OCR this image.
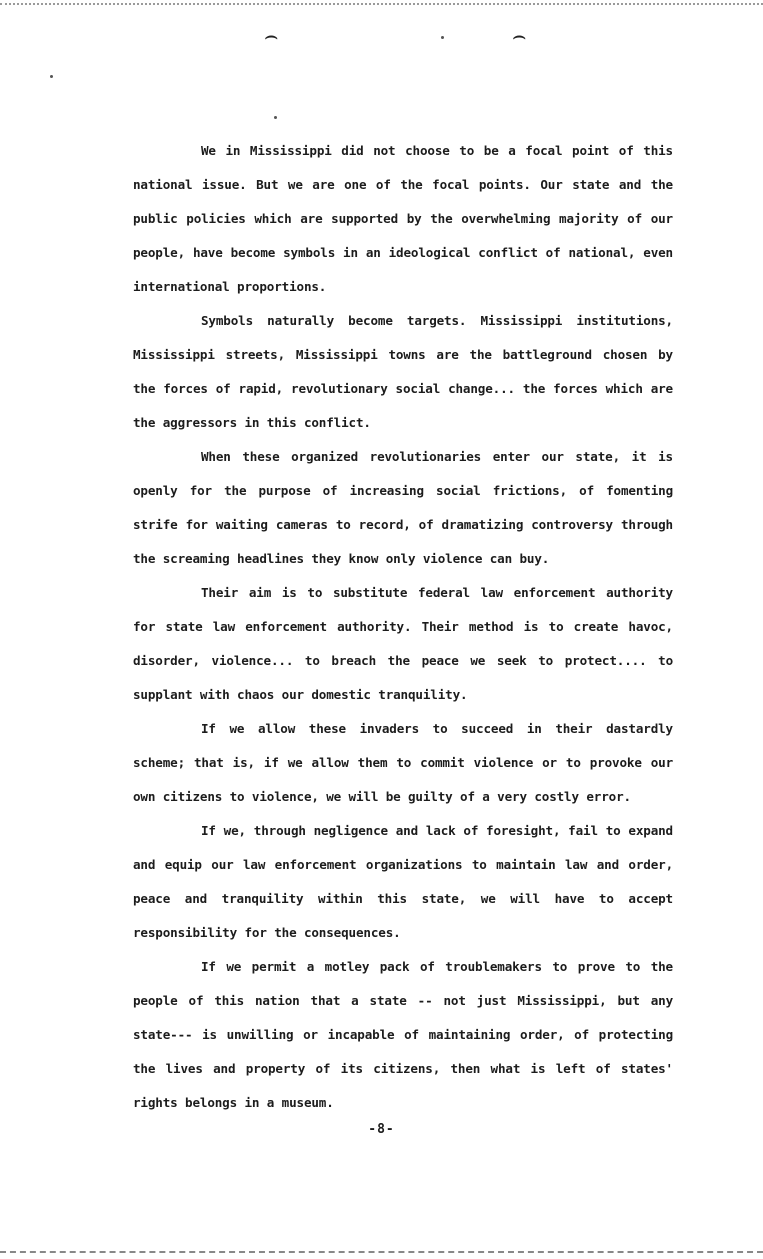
⌢	⌢

We in Mississippi did not choose to be a focal point of this national issue. But we are one of the focal points. Our state and the public policies which are supported by the overwhelming majority of our people, have become symbols in an ideological conflict of national, even international proportions.

Symbols naturally become targets. Mississippi institutions, Mississippi streets, Mississippi towns are the battleground chosen by the forces of rapid, revolutionary social change... the forces which are the aggressors in this conflict.

When these organized revolutionaries enter our state, it is openly for the purpose of increasing social frictions, of fomenting strife for waiting cameras to record, of dramatizing controversy through the screaming headlines they know only violence can buy.

Their aim is to substitute federal law enforcement authority for state law enforcement authority. Their method is to create havoc, disorder, violence... to breach the peace we seek to protect.... to supplant with chaos our domestic tranquility.

If we allow these invaders to succeed in their dastardly scheme; that is, if we allow them to commit violence or to provoke our own citizens to violence, we will be guilty of a very costly error.

If we, through negligence and lack of foresight, fail to expand and equip our law enforcement organizations to maintain law and order, peace and tranquility within this state, we will have to accept responsibility for the consequences.

If we permit a motley pack of troublemakers to prove to the people of this nation that a state -- not just Mississippi, but any state--- is unwilling or incapable of maintaining order, of protecting the lives and property of its citizens, then what is left of states' rights belongs in a museum.

-8-
